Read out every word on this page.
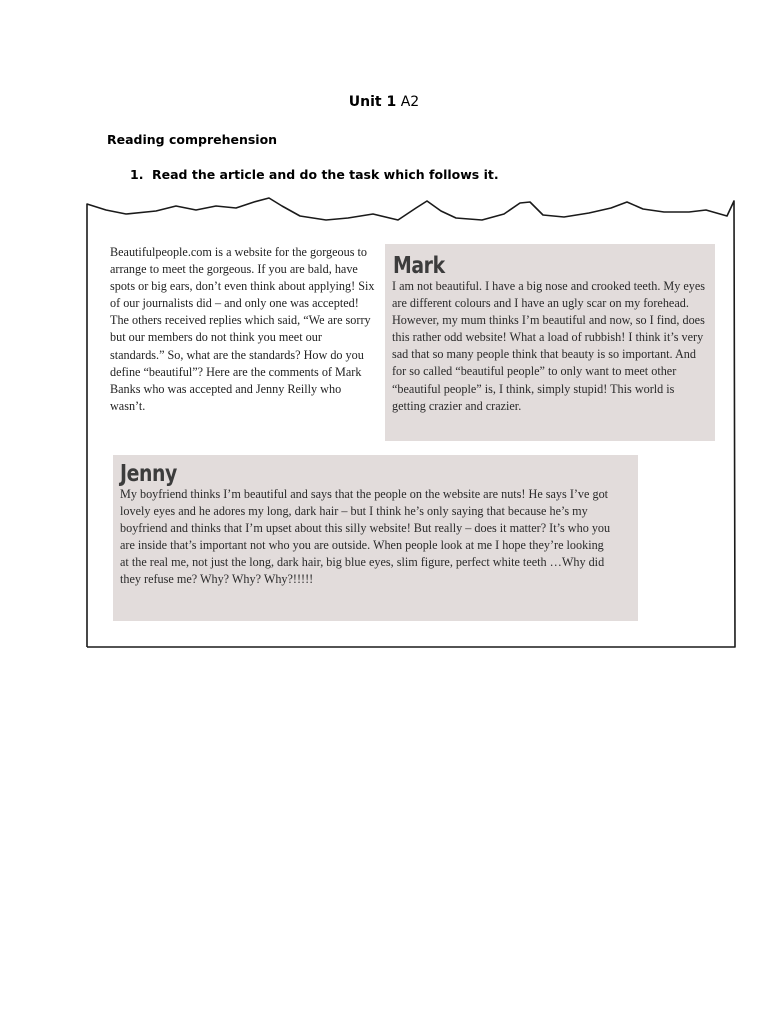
Unit 1 A2
Reading comprehension
1. Read the article and do the task which follows it.
Beautifulpeople.com is a website for the gorgeous to arrange to meet the gorgeous. If you are bald, have spots or big ears, don’t even think about applying! Six of our journalists did – and only one was accepted! The others received replies which said, “We are sorry but our members do not think you meet our standards.” So, what are the standards? How do you define “beautiful”? Here are the comments of Mark Banks who was accepted and Jenny Reilly who wasn’t.
Mark
I am not beautiful. I have a big nose and crooked teeth. My eyes are different colours and I have an ugly scar on my forehead. However, my mum thinks I’m beautiful and now, so I find, does this rather odd website! What a load of rubbish! I think it’s very sad that so many people think that beauty is so important. And for so called “beautiful people” to only want to meet other “beautiful people” is, I think, simply stupid! This world is getting crazier and crazier.
Jenny
My boyfriend thinks I’m beautiful and says that the people on the website are nuts! He says I’ve got lovely eyes and he adores my long, dark hair – but I think he’s only saying that because he’s my boyfriend and thinks that I’m upset about this silly website! But really – does it matter? It’s who you are inside that’s important not who you are outside. When people look at me I hope they’re looking at the real me, not just the long, dark hair, big blue eyes, slim figure, perfect white teeth …Why did they refuse me? Why? Why? Why?!!!!!
